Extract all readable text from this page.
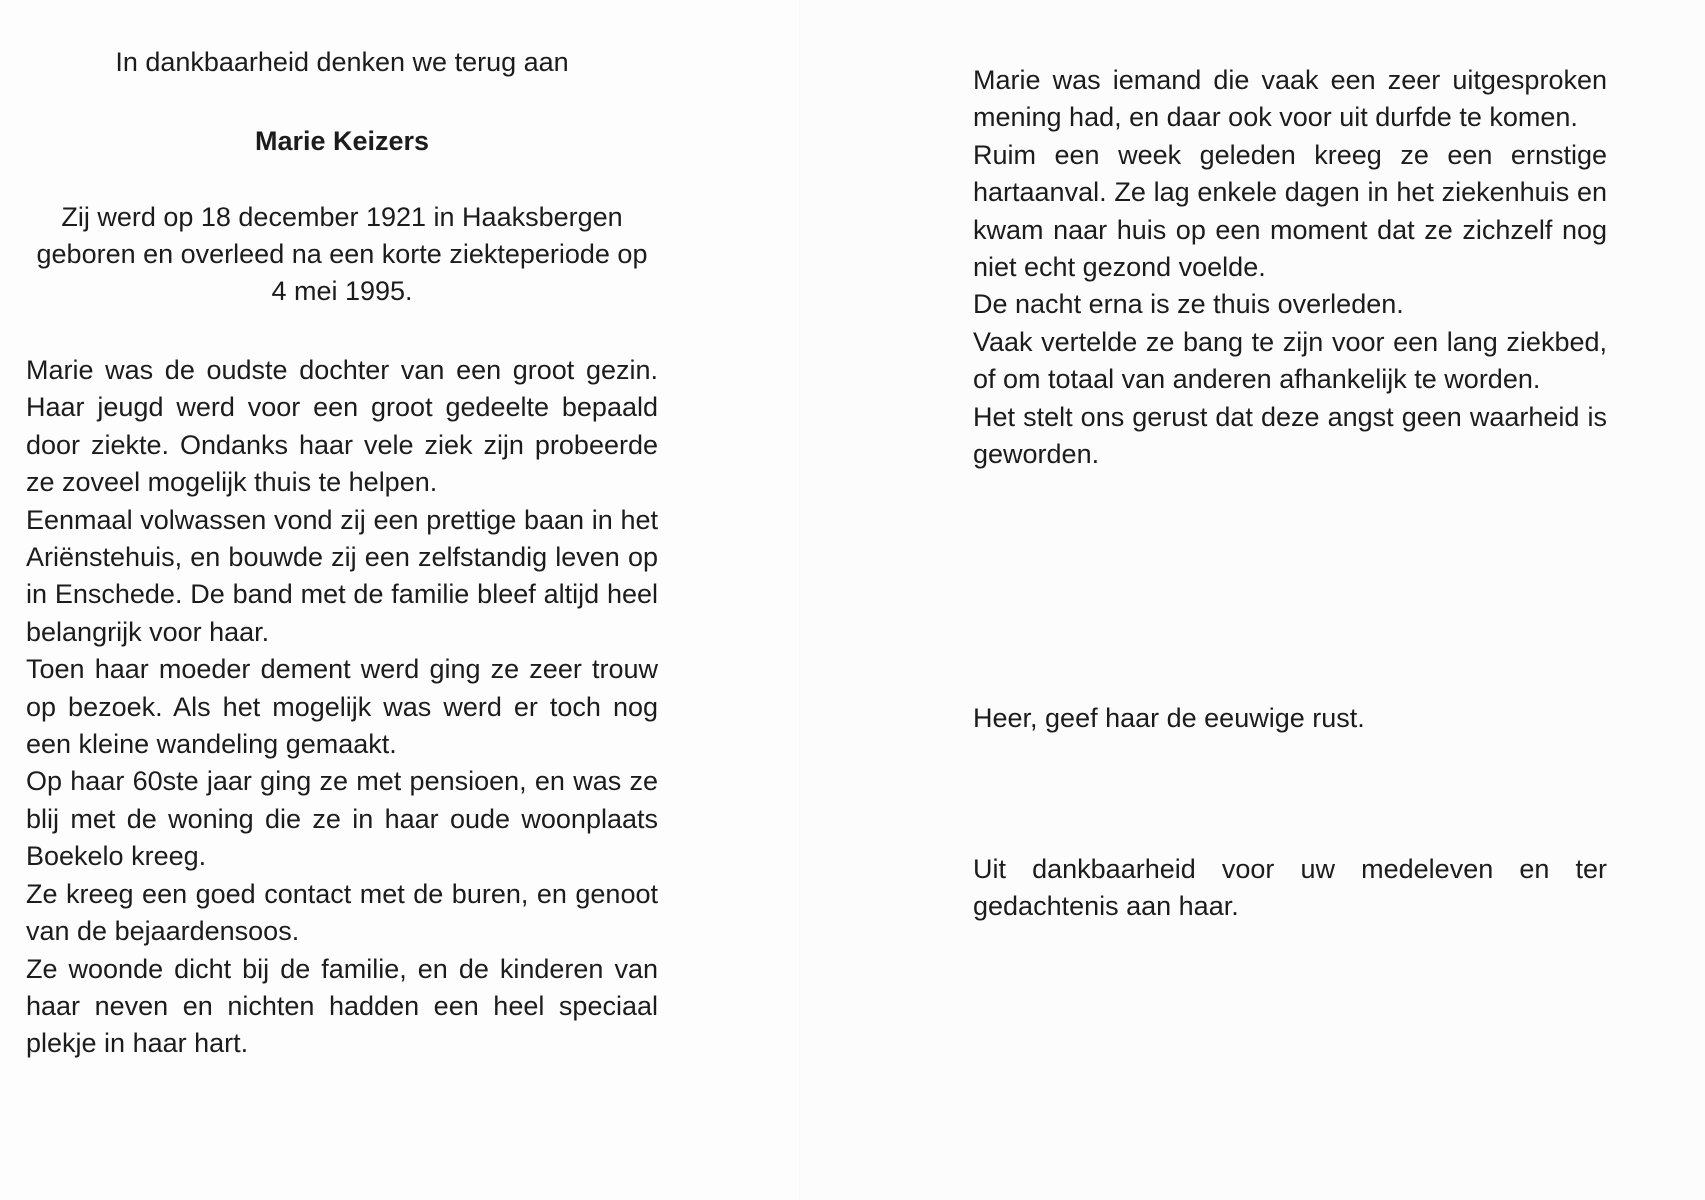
In dankbaarheid denken we terug aan
Marie Keizers
Zij werd op 18 december 1921 in Haaksbergen geboren en overleed na een korte ziekteperiode op 4 mei 1995.

Marie was de oudste dochter van een groot gezin. Haar jeugd werd voor een groot gedeelte bepaald door ziekte. Ondanks haar vele ziek zijn probeerde ze zoveel mogelijk thuis te helpen.

Eenmaal volwassen vond zij een prettige baan in het Ariënstehuis, en bouwde zij een zelfstandig leven op in Enschede. De band met de familie bleef altijd heel belangrijk voor haar.

Toen haar moeder dement werd ging ze zeer trouw op bezoek. Als het mogelijk was werd er toch nog een kleine wandeling gemaakt.

Op haar 60ste jaar ging ze met pensioen, en was ze blij met de woning die ze in haar oude woonplaats Boekelo kreeg.

Ze kreeg een goed contact met de buren, en genoot van de bejaardensoos.

Ze woonde dicht bij de familie, en de kinderen van haar neven en nichten hadden een heel speciaal plekje in haar hart.

Marie was iemand die vaak een zeer uitgesproken mening had, en daar ook voor uit durfde te komen.

Ruim een week geleden kreeg ze een ernstige hartaanval. Ze lag enkele dagen in het ziekenhuis en kwam naar huis op een moment dat ze zichzelf nog niet echt gezond voelde.

De nacht erna is ze thuis overleden.

Vaak vertelde ze bang te zijn voor een lang ziekbed, of om totaal van anderen afhankelijk te worden.

Het stelt ons gerust dat deze angst geen waarheid is geworden.

Heer, geef haar de eeuwige rust.
Uit dankbaarheid voor uw medeleven en ter gedachtenis aan haar.
